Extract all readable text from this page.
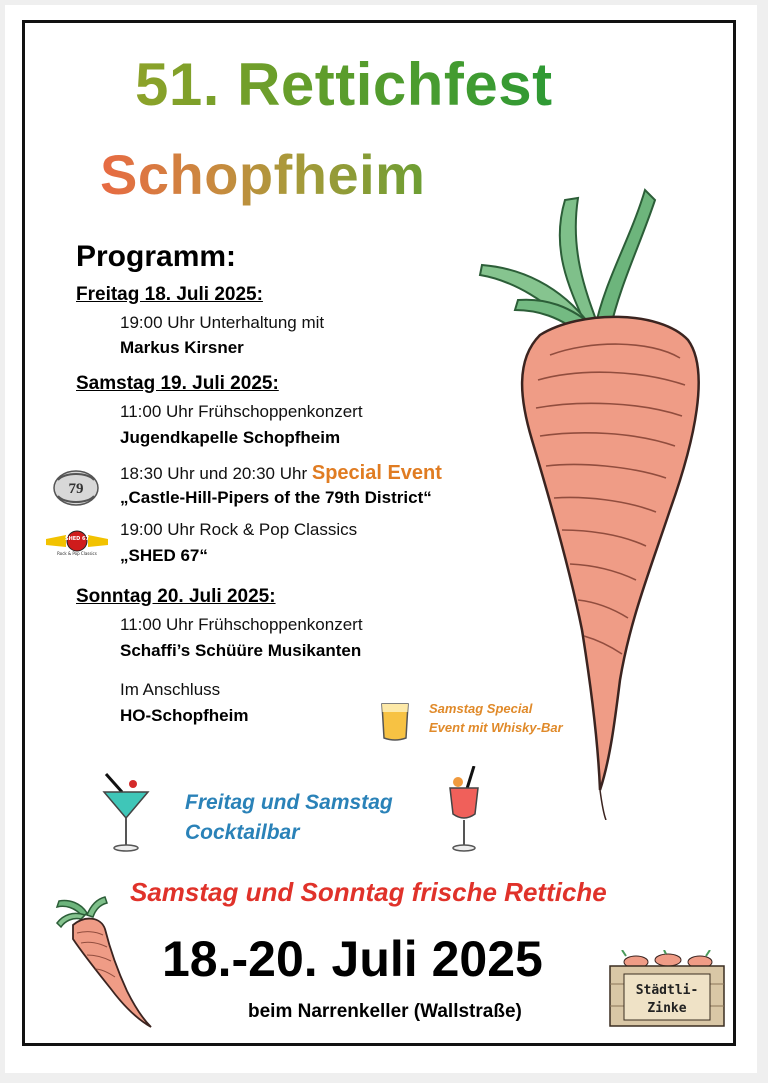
51. Rettichfest
Schopfheim
Programm:
Freitag 18. Juli 2025:
19:00 Uhr Unterhaltung mit
Markus Kirsner
Samstag 19. Juli 2025:
11:00 Uhr Frühschoppenkonzert
Jugendkapelle Schopfheim
18:30 Uhr und 20:30 Uhr Special Event
„Castle-Hill-Pipers of the 79th District“
19:00 Uhr Rock & Pop Classics
„SHED 67“
Sonntag 20. Juli 2025:
11:00 Uhr Frühschoppenkonzert
Schaffi’s Schüüre Musikanten
Im Anschluss
HO-Schopfheim
79
SHED 67
Rock & Pop Classics
Samstag Special
Event mit Whisky-Bar
Freitag und Samstag
Cocktailbar
Samstag und Sonntag frische Rettiche
18.-20. Juli 2025
beim Narrenkeller (Wallstraße)
Städtli-
Zinke
